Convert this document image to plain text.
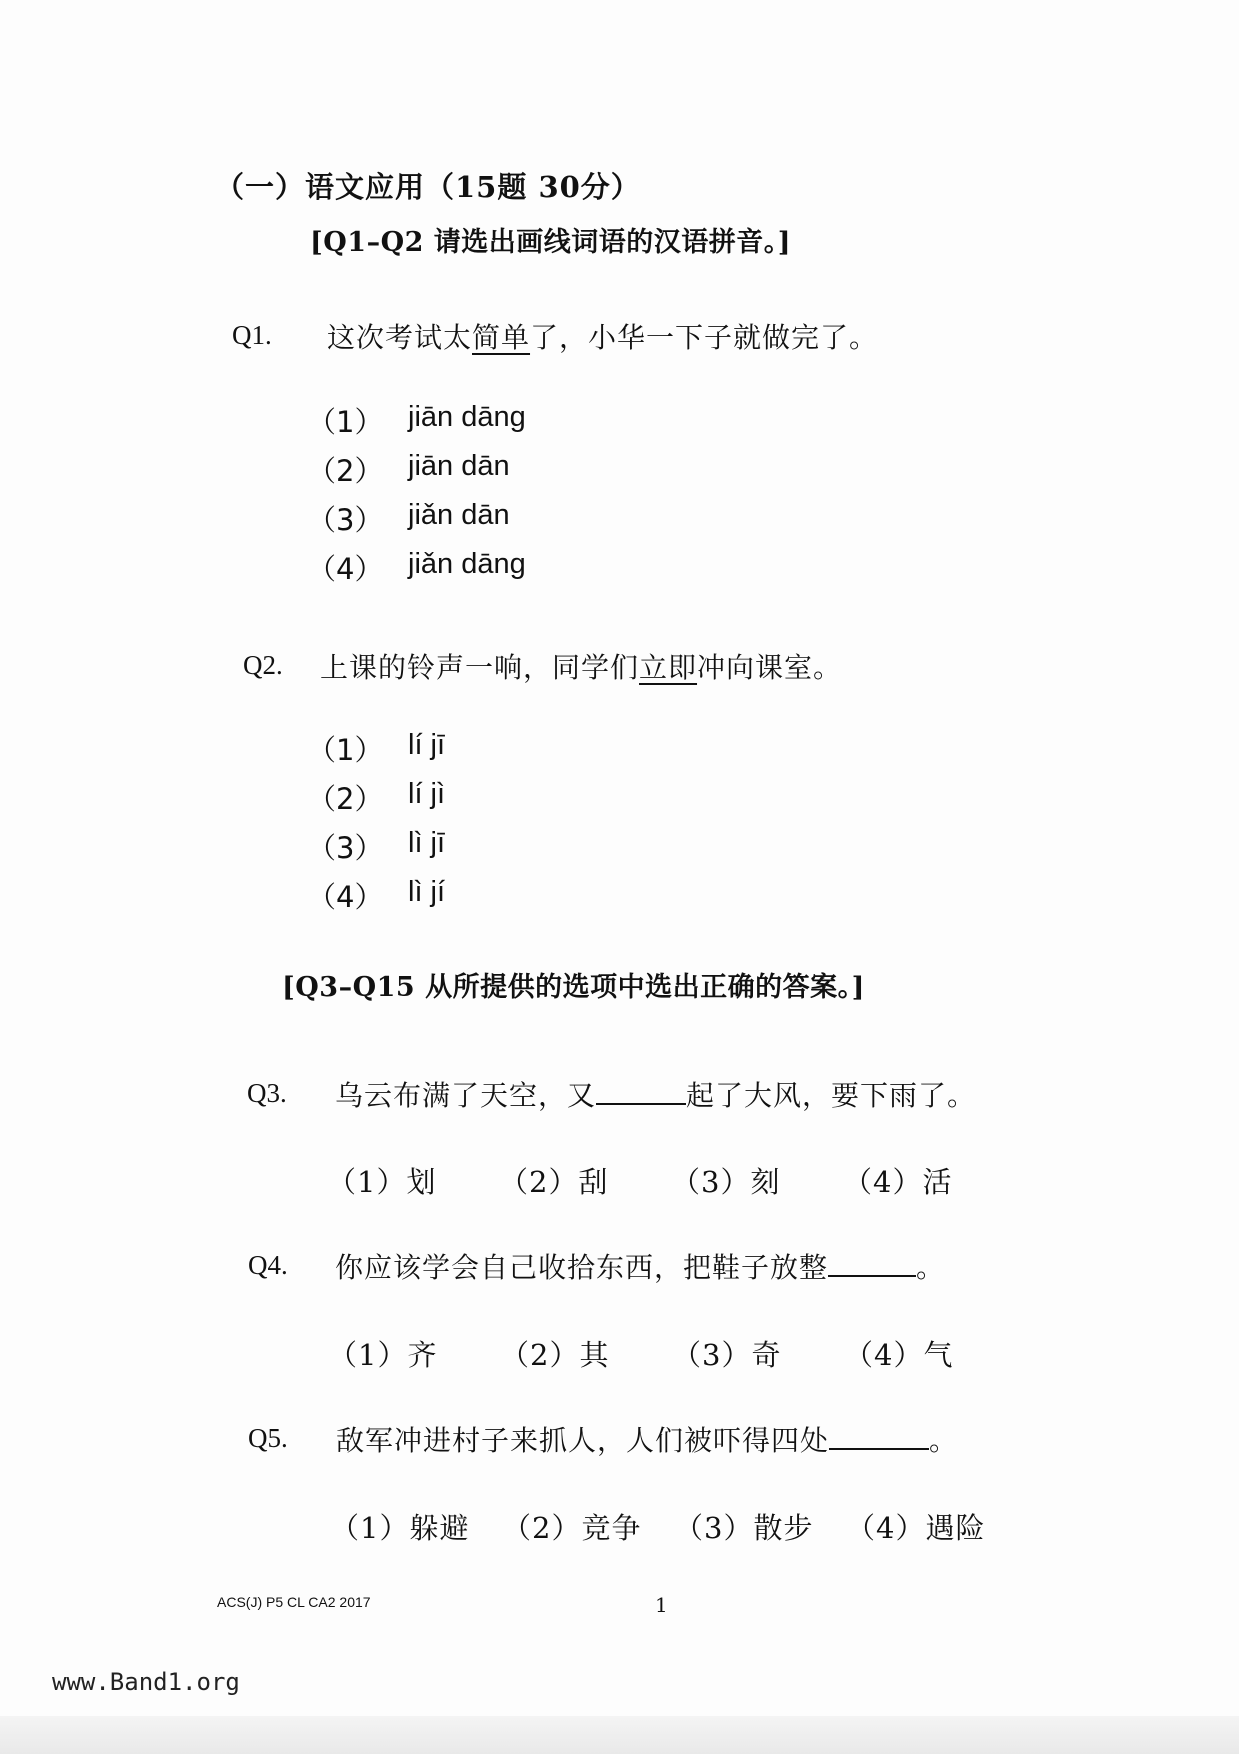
（一）语文应用（15题 30分）
[Q1–Q2 请选出画线词语的汉语拼音。]
Q1. 这次考试太简单了，小华一下子就做完了。
（1） jiān dāng
（2） jiān dān
（3） jiǎn dān
（4） jiǎn dāng
Q2. 上课的铃声一响，同学们立即冲向课室。
（1） lí jī
（2） lí jì
（3） lì jī
（4） lì jí
[Q3–Q15 从所提供的选项中选出正确的答案。]
Q3. 乌云布满了天空，又	起了大风，要下雨了。
（1）划 （2）刮 （3）刻 （4）活
Q4. 你应该学会自己收拾东西，把鞋子放整	。
（1）齐 （2）其 （3）奇 （4）气
Q5. 敌军冲进村子来抓人，人们被吓得四处	。
（1）躲避 （2）竞争 （3）散步 （4）遇险
ACS(J) P5 CL CA2 2017	1
www.Band1.org
